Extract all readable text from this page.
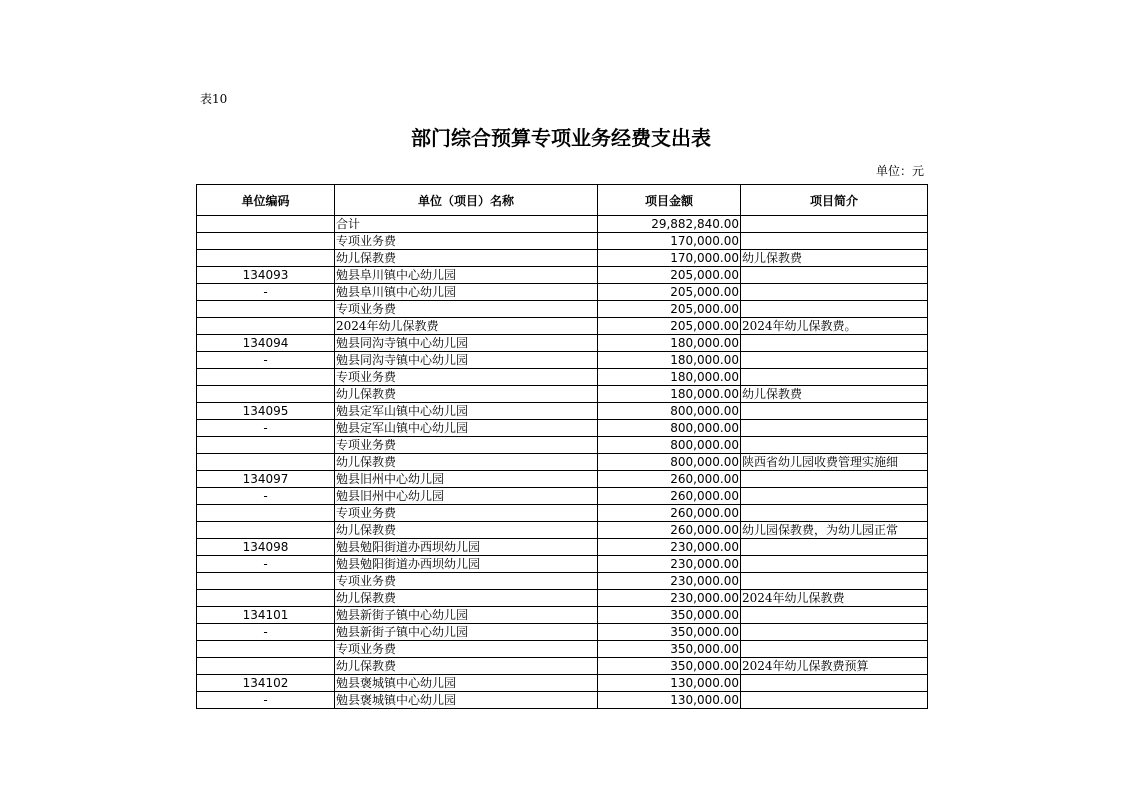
表10
部门综合预算专项业务经费支出表
单位：元
单位编码	单位（项目）名称	项目金额	项目简介
	合计	29,882,840.00	
	专项业务费	170,000.00	
	幼儿保教费	170,000.00	幼儿保教费
134093	勉县阜川镇中心幼儿园	205,000.00	
-	勉县阜川镇中心幼儿园	205,000.00	
	专项业务费	205,000.00	
	2024年幼儿保教费	205,000.00	2024年幼儿保教费。
134094	勉县同沟寺镇中心幼儿园	180,000.00	
-	勉县同沟寺镇中心幼儿园	180,000.00	
	专项业务费	180,000.00	
	幼儿保教费	180,000.00	幼儿保教费
134095	勉县定军山镇中心幼儿园	800,000.00	
-	勉县定军山镇中心幼儿园	800,000.00	
	专项业务费	800,000.00	
	幼儿保教费	800,000.00	陕西省幼儿园收费管理实施细
134097	勉县旧州中心幼儿园	260,000.00	
-	勉县旧州中心幼儿园	260,000.00	
	专项业务费	260,000.00	
	幼儿保教费	260,000.00	幼儿园保教费，为幼儿园正常
134098	勉县勉阳街道办西坝幼儿园	230,000.00	
-	勉县勉阳街道办西坝幼儿园	230,000.00	
	专项业务费	230,000.00	
	幼儿保教费	230,000.00	2024年幼儿保教费
134101	勉县新街子镇中心幼儿园	350,000.00	
-	勉县新街子镇中心幼儿园	350,000.00	
	专项业务费	350,000.00	
	幼儿保教费	350,000.00	2024年幼儿保教费预算
134102	勉县褒城镇中心幼儿园	130,000.00	
-	勉县褒城镇中心幼儿园	130,000.00	
